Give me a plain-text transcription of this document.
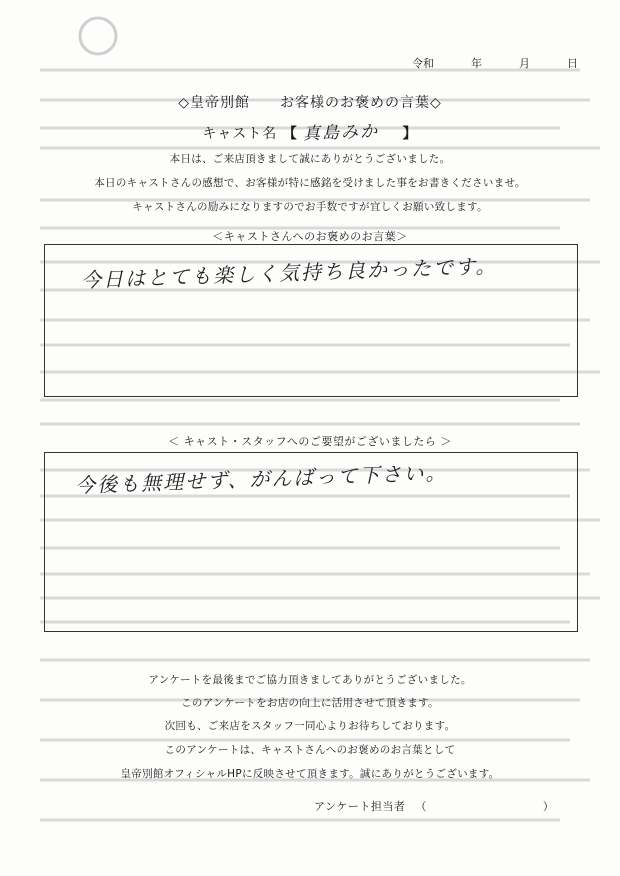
令和	年	月	日
◇皇帝別館　　お客様のお褒めの言葉◇
キャスト名 【 真島みか 】
本日は、ご来店頂きまして誠にありがとうございました。
本日のキャストさんの感想で、お客様が特に感銘を受けました事をお書きくださいませ。
キャストさんの励みになりますのでお手数ですが宜しくお願い致します。
＜キャストさんへのお褒めのお言葉＞
今日はとても楽しく気持ち良かったです。
＜ キャスト・スタッフへのご要望がございましたら ＞
今後も無理せず、がんばって下さい。
アンケートを最後までご協力頂きましてありがとうございました。
このアンケートをお店の向上に活用させて頂きます。
次回も、ご来店をスタッフ一同心よりお待ちしております。
このアンケートは、キャストさんへのお褒めのお言葉として
皇帝別館オフィシャルHPに反映させて頂きます。誠にありがとうございます。
アンケート担当者 （	）
